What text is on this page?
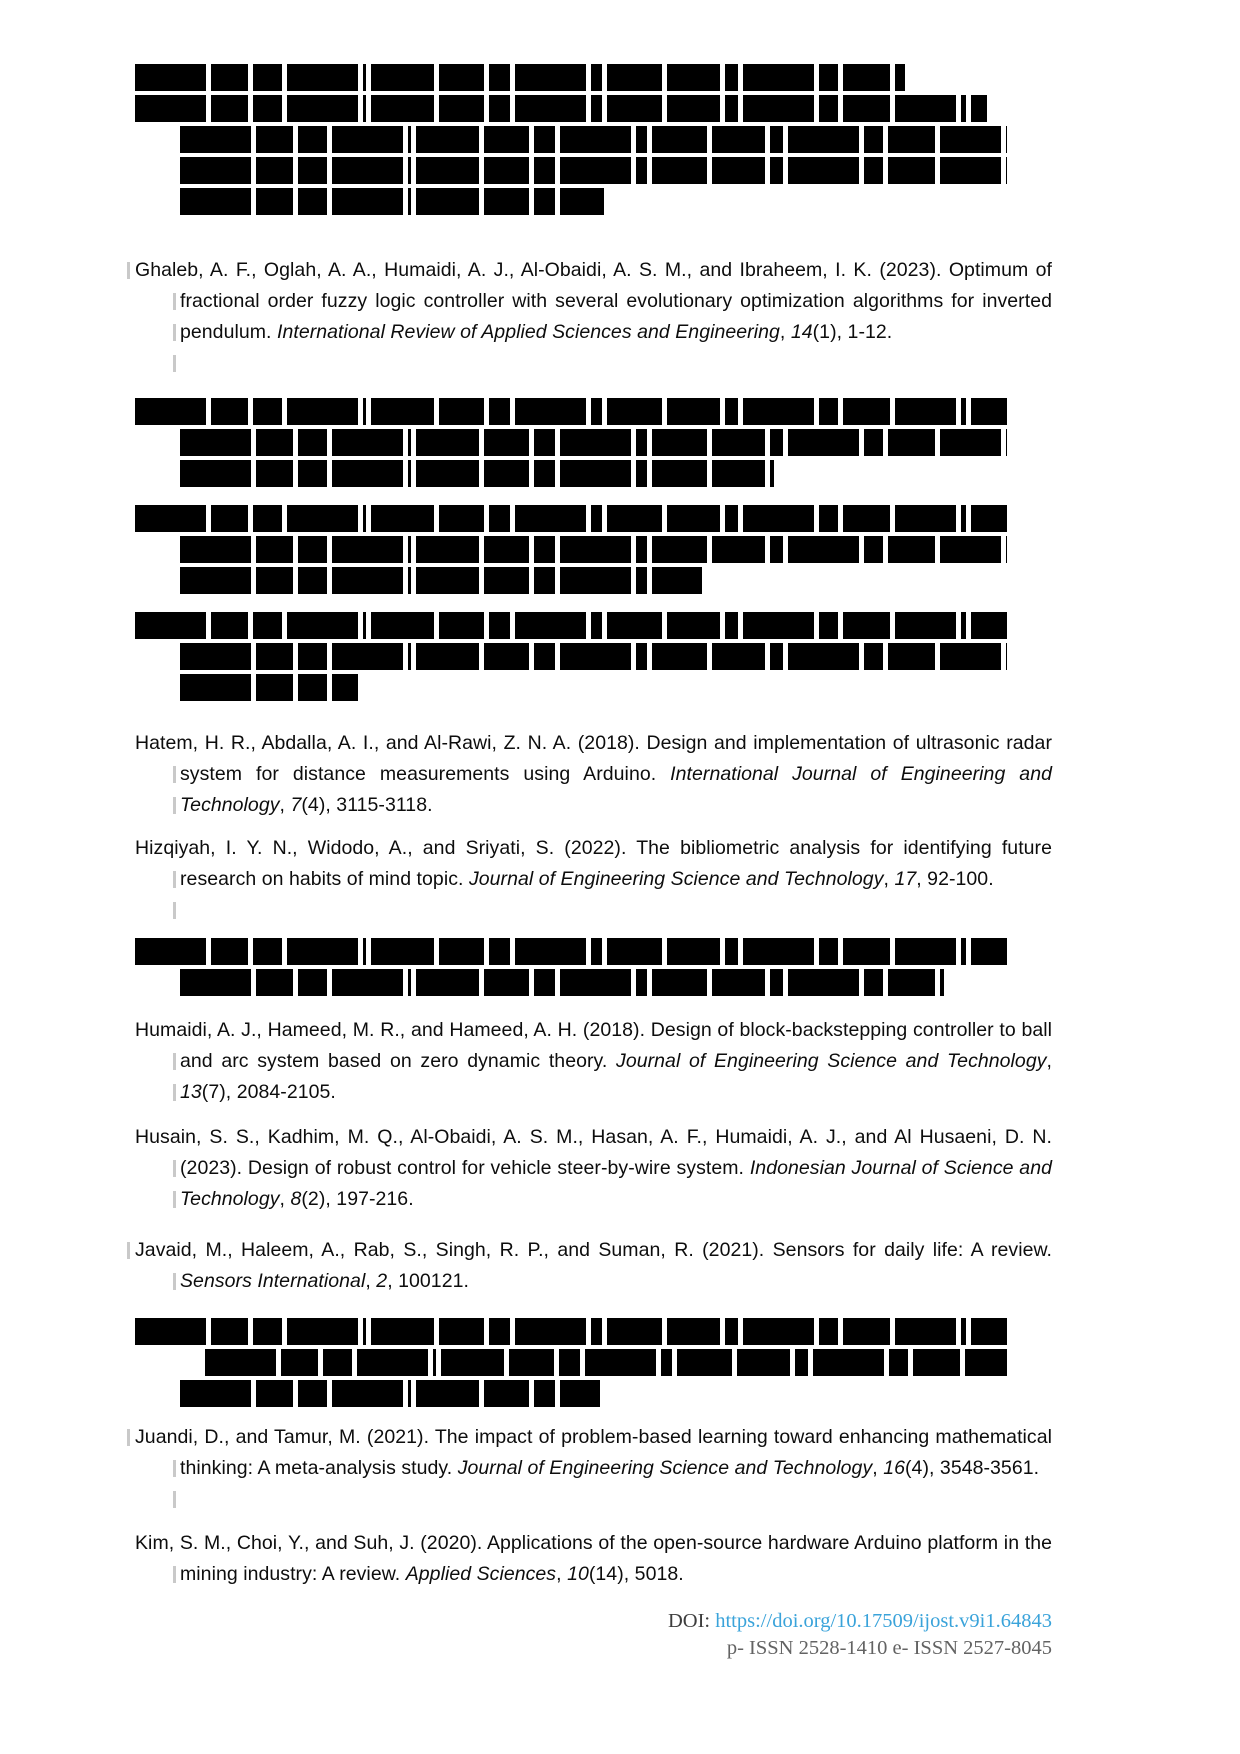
Ghaleb, A. F., Oglah, A. A., Humaidi, A. J., Al-Obaidi, A. S. M., and Ibraheem, I. K. (2023). Optimum of fractional order fuzzy logic controller with several evolutionary optimization algorithms for inverted pendulum. International Review of Applied Sciences and Engineering, 14(1), 1-12.

Hatem, H. R., Abdalla, A. I., and Al-Rawi, Z. N. A. (2018). Design and implementation of ultrasonic radar system for distance measurements using Arduino. International Journal of Engineering and Technology, 7(4), 3115-3118.

Hizqiyah, I. Y. N., Widodo, A., and Sriyati, S. (2022). The bibliometric analysis for identifying future research on habits of mind topic. Journal of Engineering Science and Technology, 17, 92-100.

Humaidi, A. J., Hameed, M. R., and Hameed, A. H. (2018). Design of block-backstepping controller to ball and arc system based on zero dynamic theory. Journal of Engineering Science and Technology, 13(7), 2084-2105.

Husain, S. S., Kadhim, M. Q., Al-Obaidi, A. S. M., Hasan, A. F., Humaidi, A. J., and Al Husaeni, D. N. (2023). Design of robust control for vehicle steer-by-wire system. Indonesian Journal of Science and Technology, 8(2), 197-216.

Javaid, M., Haleem, A., Rab, S., Singh, R. P., and Suman, R. (2021). Sensors for daily life: A review. Sensors International, 2, 100121.

Juandi, D., and Tamur, M. (2021). The impact of problem-based learning toward enhancing mathematical thinking: A meta-analysis study. Journal of Engineering Science and Technology, 16(4), 3548-3561.

Kim, S. M., Choi, Y., and Suh, J. (2020). Applications of the open-source hardware Arduino platform in the mining industry: A review. Applied Sciences, 10(14), 5018.

DOI: https://doi.org/10.17509/ijost.v9i1.64843
p- ISSN 2528-1410 e- ISSN 2527-8045
